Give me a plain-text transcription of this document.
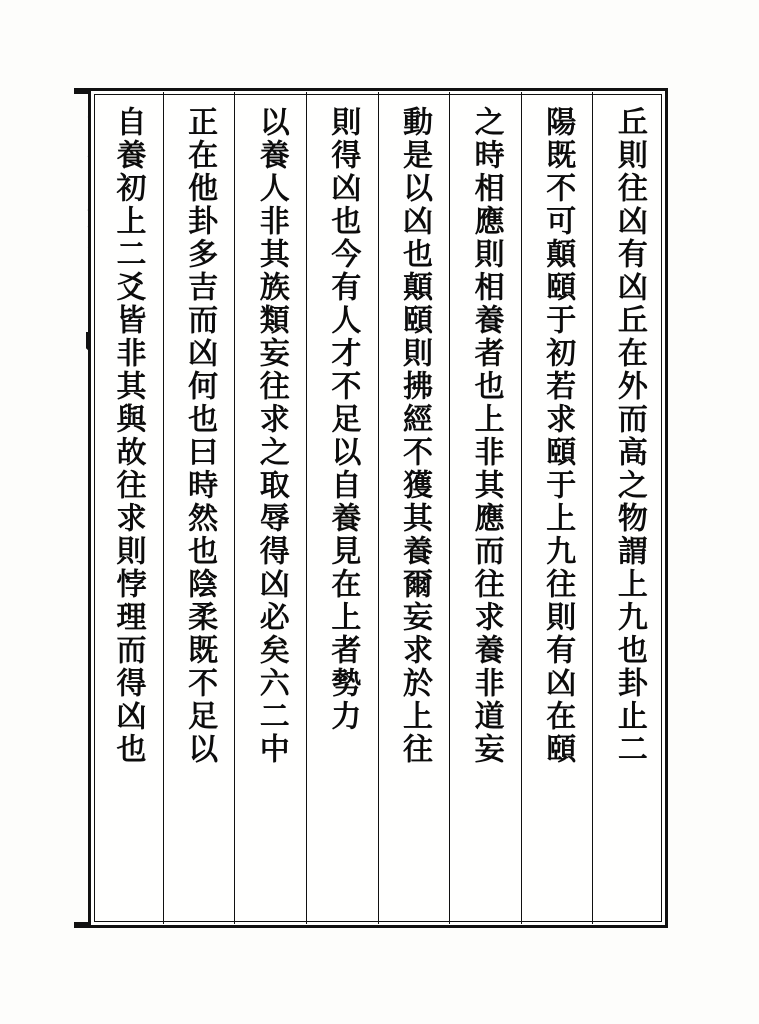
丘則往凶有凶丘在外而高之物謂上九也卦止二
陽既不可顛頤于初若求頤于上九往則有凶在頤
之時相應則相養者也上非其應而往求養非道妄
動是以凶也顛頤則拂經不獲其養爾妄求於上往
則得凶也今有人才不足以自養見在上者勢力
以養人非其族類妄往求之取辱得凶必矣六二中
正在他卦多吉而凶何也曰時然也陰柔既不足以
自養初上二爻皆非其與故往求則悖理而得凶也
